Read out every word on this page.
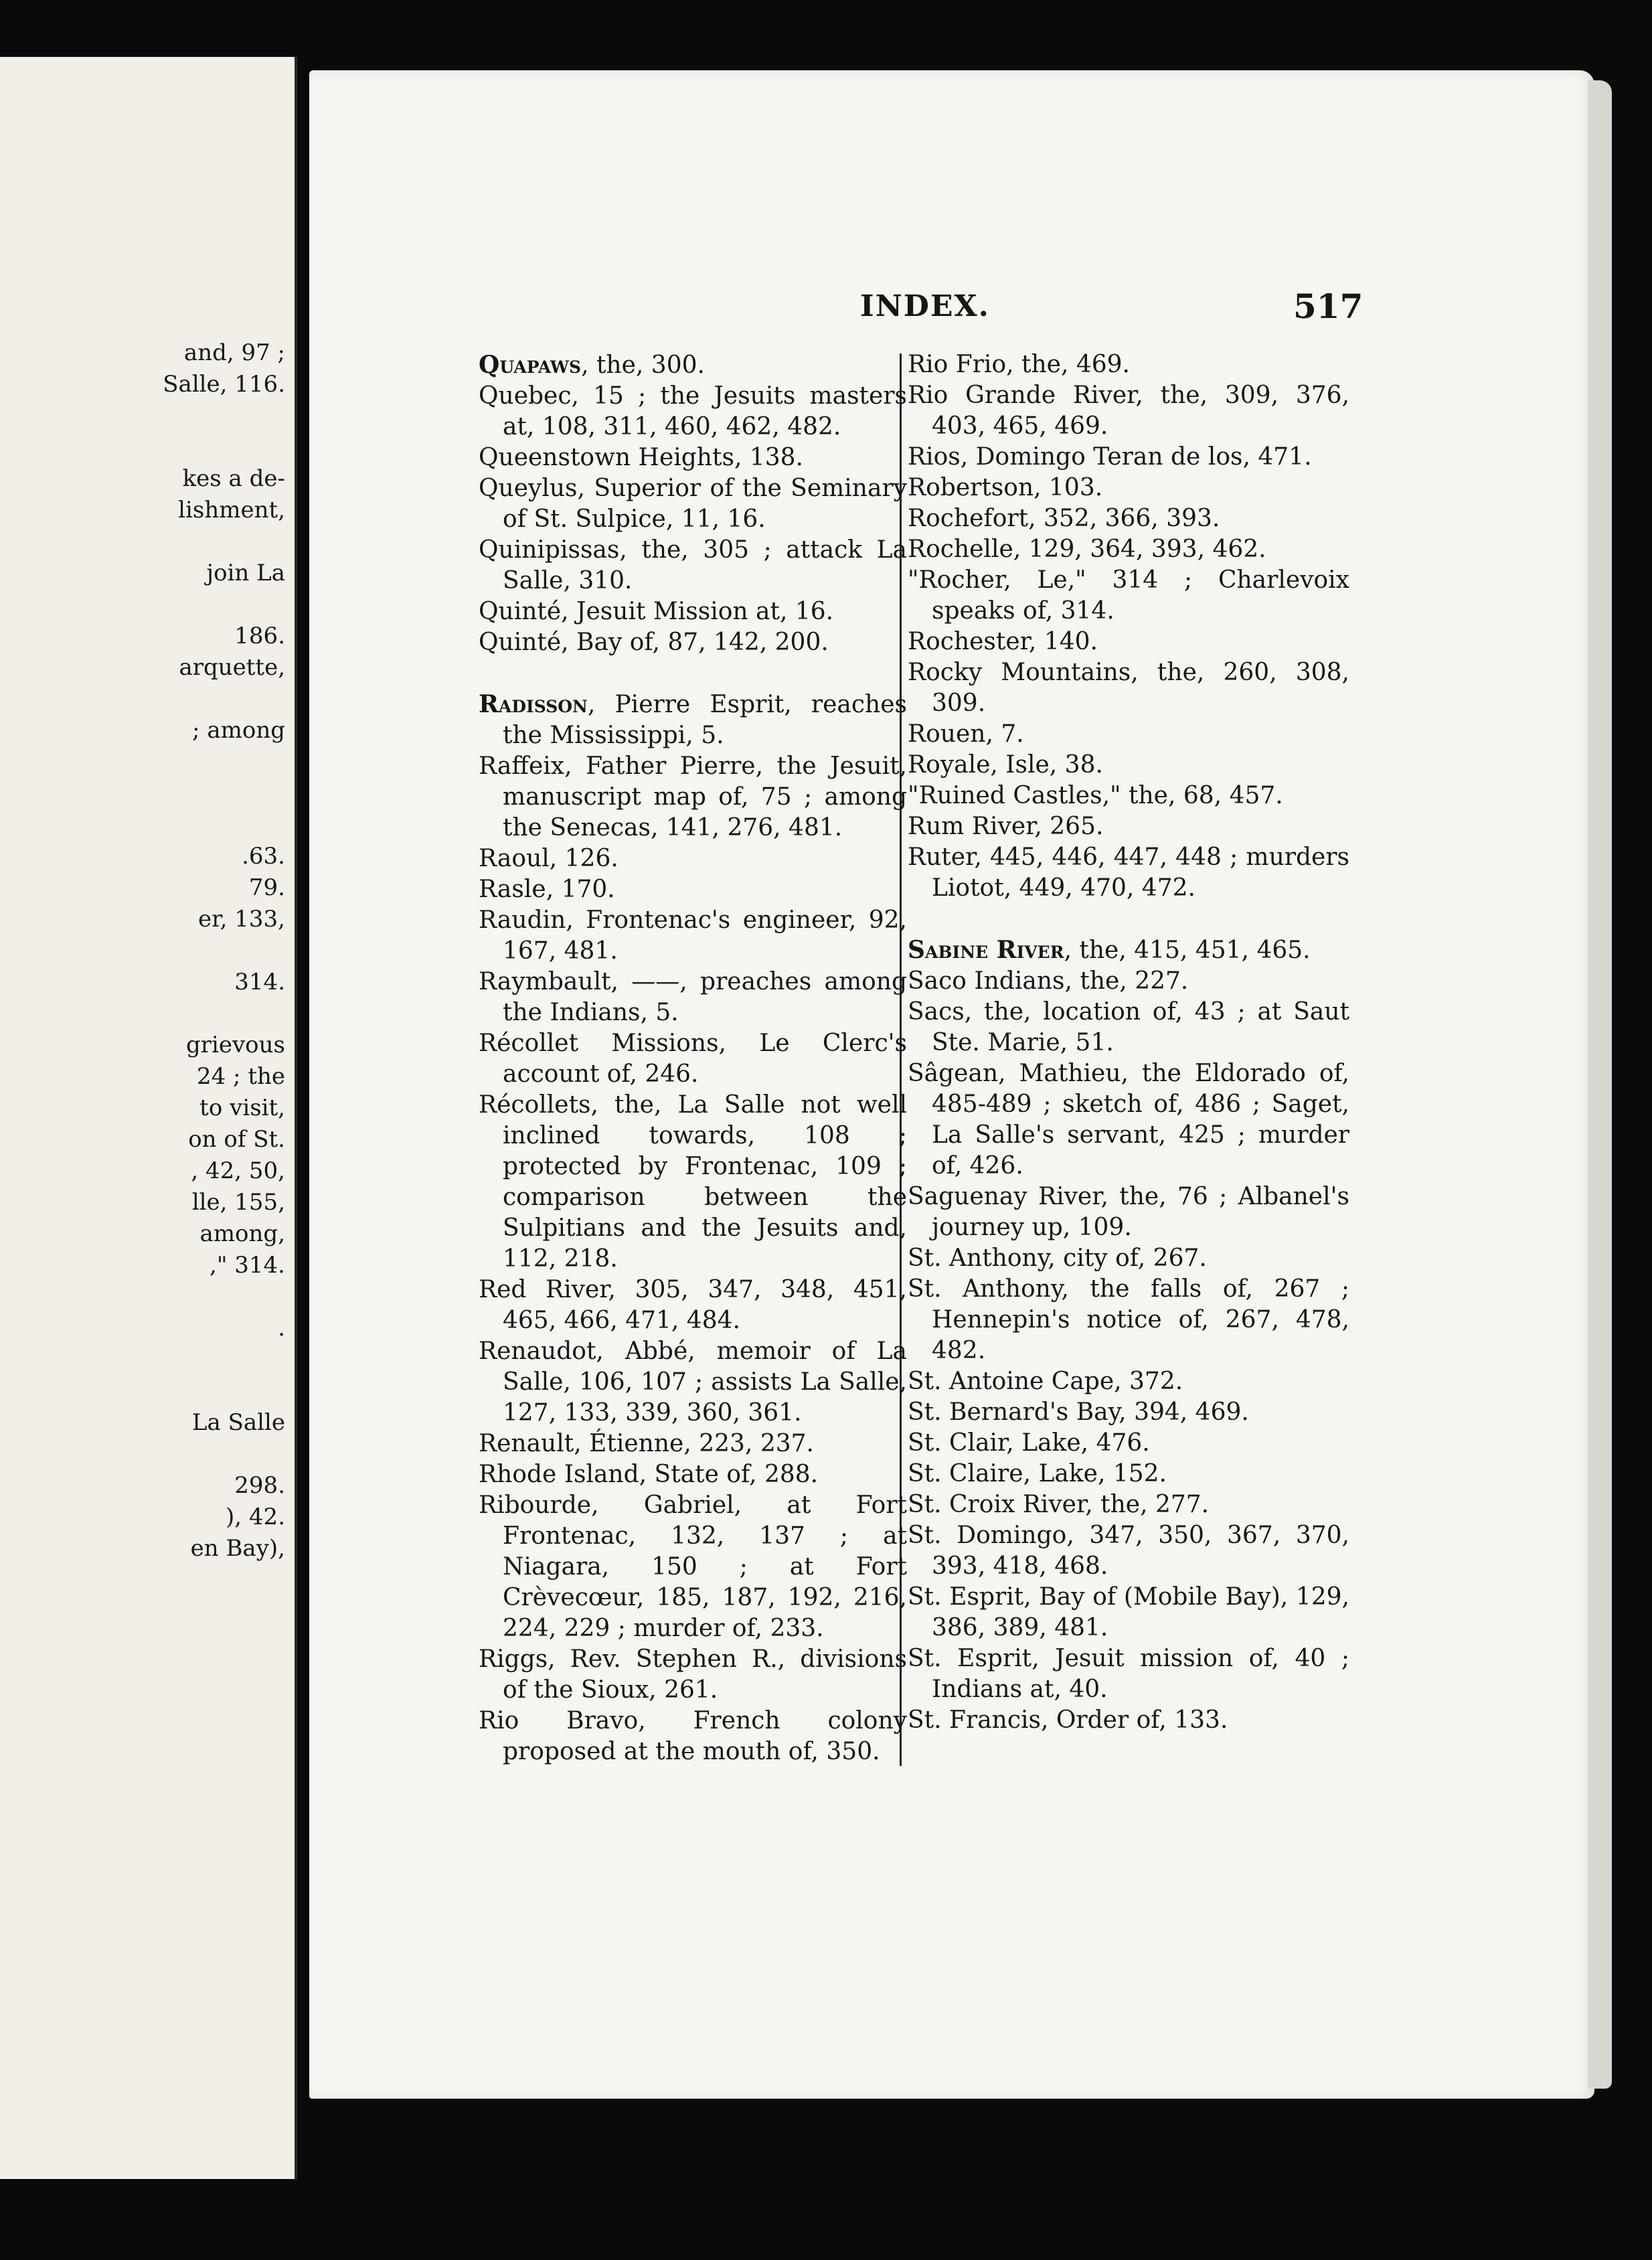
and, 97 ;

Salle, 116.

kes a de-

lishment,

join La

186.

arquette,

; among

.63.

79.

er, 133,

314.

grievous

24 ; the

to visit,

on of St.

, 42, 50,

lle, 155,

among,

," 314.

.

La Salle

298.

), 42.

en Bay),

INDEX.	517

Quapaws, the, 300.

Quebec, 15 ; the Jesuits masters at, 108, 311, 460, 462, 482.

Queenstown Heights, 138.

Queylus, Superior of the Seminary of St. Sulpice, 11, 16.

Quinipissas, the, 305 ; attack La Salle, 310.

Quinté, Jesuit Mission at, 16.

Quinté, Bay of, 87, 142, 200.

Radisson, Pierre Esprit, reaches the Mississippi, 5.

Raffeix, Father Pierre, the Jesuit, manuscript map of, 75 ; among the Senecas, 141, 276, 481.

Raoul, 126.

Rasle, 170.

Raudin, Frontenac's engineer, 92, 167, 481.

Raymbault, ——, preaches among the Indians, 5.

Récollet Missions, Le Clerc's account of, 246.

Récollets, the, La Salle not well inclined towards, 108 ; protected by Frontenac, 109 ; comparison between the Sulpitians and the Jesuits and, 112, 218.

Red River, 305, 347, 348, 451, 465, 466, 471, 484.

Renaudot, Abbé, memoir of La Salle, 106, 107 ; assists La Salle, 127, 133, 339, 360, 361.

Renault, Étienne, 223, 237.

Rhode Island, State of, 288.

Ribourde, Gabriel, at Fort Frontenac, 132, 137 ; at Niagara, 150 ; at Fort Crèvecœur, 185, 187, 192, 216, 224, 229 ; murder of, 233.

Riggs, Rev. Stephen R., divisions of the Sioux, 261.

Rio Bravo, French colony proposed at the mouth of, 350.

Rio Frio, the, 469.

Rio Grande River, the, 309, 376, 403, 465, 469.

Rios, Domingo Teran de los, 471.

Robertson, 103.

Rochefort, 352, 366, 393.

Rochelle, 129, 364, 393, 462.

"Rocher, Le," 314 ; Charlevoix speaks of, 314.

Rochester, 140.

Rocky Mountains, the, 260, 308, 309.

Rouen, 7.

Royale, Isle, 38.

"Ruined Castles," the, 68, 457.

Rum River, 265.

Ruter, 445, 446, 447, 448 ; murders Liotot, 449, 470, 472.

Sabine River, the, 415, 451, 465.

Saco Indians, the, 227.

Sacs, the, location of, 43 ; at Saut Ste. Marie, 51.

Sâgean, Mathieu, the Eldorado of, 485-489 ; sketch of, 486 ; Saget, La Salle's servant, 425 ; murder of, 426.

Saguenay River, the, 76 ; Albanel's journey up, 109.

St. Anthony, city of, 267.

St. Anthony, the falls of, 267 ; Hennepin's notice of, 267, 478, 482.

St. Antoine Cape, 372.

St. Bernard's Bay, 394, 469.

St. Clair, Lake, 476.

St. Claire, Lake, 152.

St. Croix River, the, 277.

St. Domingo, 347, 350, 367, 370, 393, 418, 468.

St. Esprit, Bay of (Mobile Bay), 129, 386, 389, 481.

St. Esprit, Jesuit mission of, 40 ; Indians at, 40.

St. Francis, Order of, 133.
